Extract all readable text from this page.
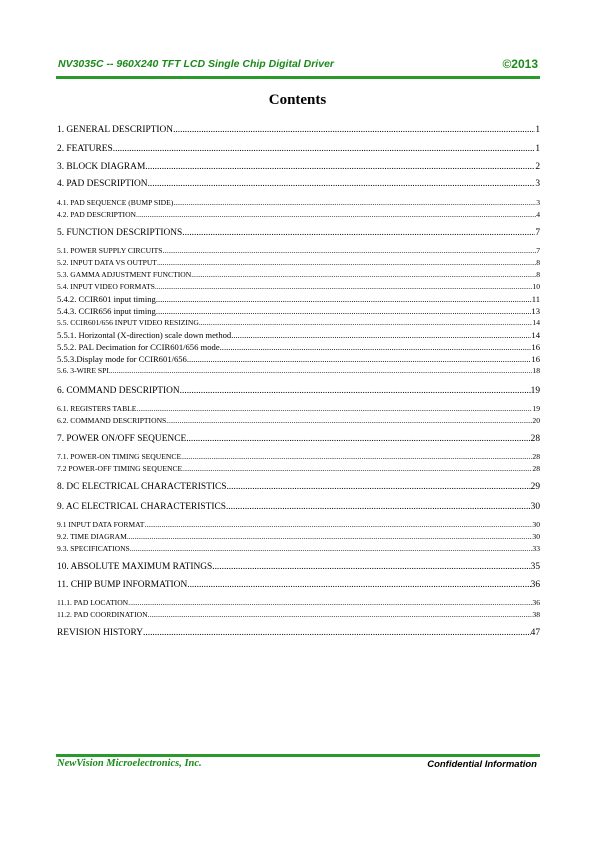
NV3035C -- 960X240 TFT LCD Single Chip Digital Driver	©2013
Contents
1. GENERAL DESCRIPTION .....	1
2. FEATURES .....	1
3. BLOCK DIAGRAM .....	2
4. PAD DESCRIPTION .....	3
4.1. PAD SEQUENCE (BUMP SIDE) .....	3
4.2. PAD DESCRIPTION .....	4
5. FUNCTION DESCRIPTIONS .....	7
5.1. POWER SUPPLY CIRCUITS .....	7
5.2. INPUT DATA VS OUTPUT .....	8
5.3. GAMMA ADJUSTMENT FUNCTION .....	8
5.4. INPUT VIDEO FORMATS .....	10
5.4.2. CCIR601 input timing .....	11
5.4.3. CCIR656 input timing .....	13
5.5. CCIR601/656 INPUT VIDEO RESIZING .....	14
5.5.1. Horizontal (X-direction) scale down method .....	14
5.5.2. PAL Decimation for CCIR601/656 mode .....	16
5.5.3.Display mode for CCIR601/656 .....	16
5.6. 3-WIRE SPI .....	18
6. COMMAND DESCRIPTION .....	19
6.1. REGISTERS TABLE .....	19
6.2. COMMAND DESCRIPTIONS .....	20
7. POWER ON/OFF SEQUENCE .....	28
7.1. POWER-ON TIMING SEQUENCE .....	28
7.2 POWER-OFF TIMING SEQUENCE .....	28
8. DC ELECTRICAL CHARACTERISTICS .....	29
9. AC ELECTRICAL CHARACTERISTICS .....	30
9.1 INPUT DATA FORMAT .....	30
9.2. TIME DIAGRAM .....	30
9.3. SPECIFICATIONS .....	33
10. ABSOLUTE MAXIMUM RATINGS .....	35
11. CHIP BUMP INFORMATION .....	36
11.1. PAD LOCATION .....	36
11.2. PAD COORDINATION .....	38
REVISION HISTORY .....	47
NewVision Microelectronics, Inc.	Confidential Information
